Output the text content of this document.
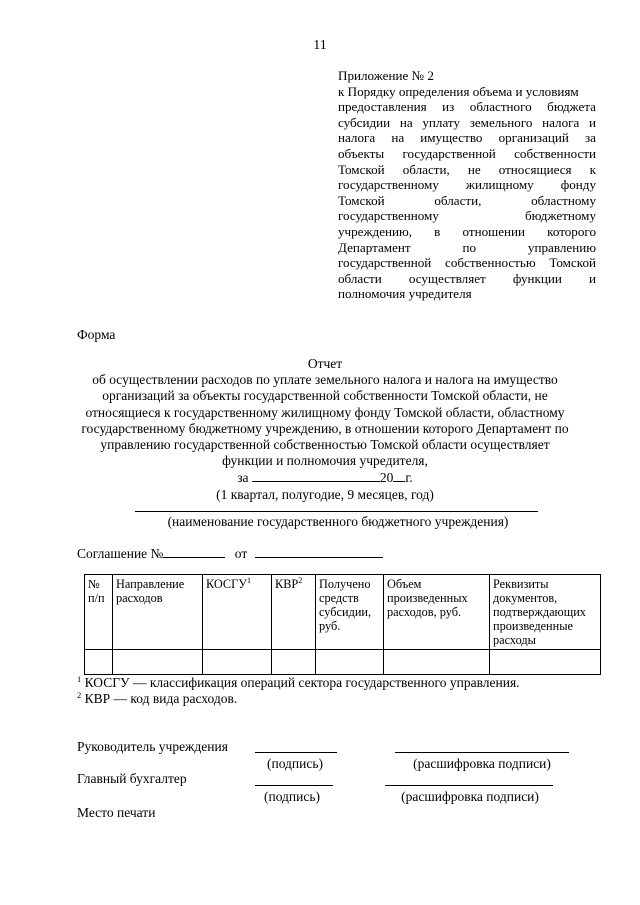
11
Приложение № 2
к Порядку определения объема и условиям
предоставления из областного бюджета
субсидии на уплату земельного налога и
налога на имущество организаций за
объекты государственной собственности
Томской области, не относящиеся к
государственному жилищному фонду
Томской области, областному
государственному бюджетному
учреждению, в отношении которого
Департамент по управлению
государственной собственностью Томской
области осуществляет функции и
полномочия учредителя
Форма
Отчет
об осуществлении расходов по уплате земельного налога и налога на имущество
организаций за объекты государственной собственности Томской области, не
относящиеся к государственному жилищному фонду Томской области, областному
государственному бюджетному учреждению, в отношении которого Департамент по
управлению государственной собственностью Томской области осуществляет
функции и полномочия учредителя,
за	20 г.
(1 квартал, полугодие, 9 месяцев, год)
(наименование государственного бюджетного учреждения)
Соглашение №	от
№ п/п	Направление расходов	КОСГУ$^1$	КВР$^2$	Получено средств субсидии, руб.	Объем произведенных расходов, руб.	Реквизиты документов, подтверждающих произведенные расходы

$^1$ КОСГУ — классификация операций сектора государственного управления.
$^2$ КВР — код вида расходов.
Руководитель учреждения
(подпись)	(расшифровка подписи)
Главный бухгалтер
(подпись)	(расшифровка подписи)
Место печати
